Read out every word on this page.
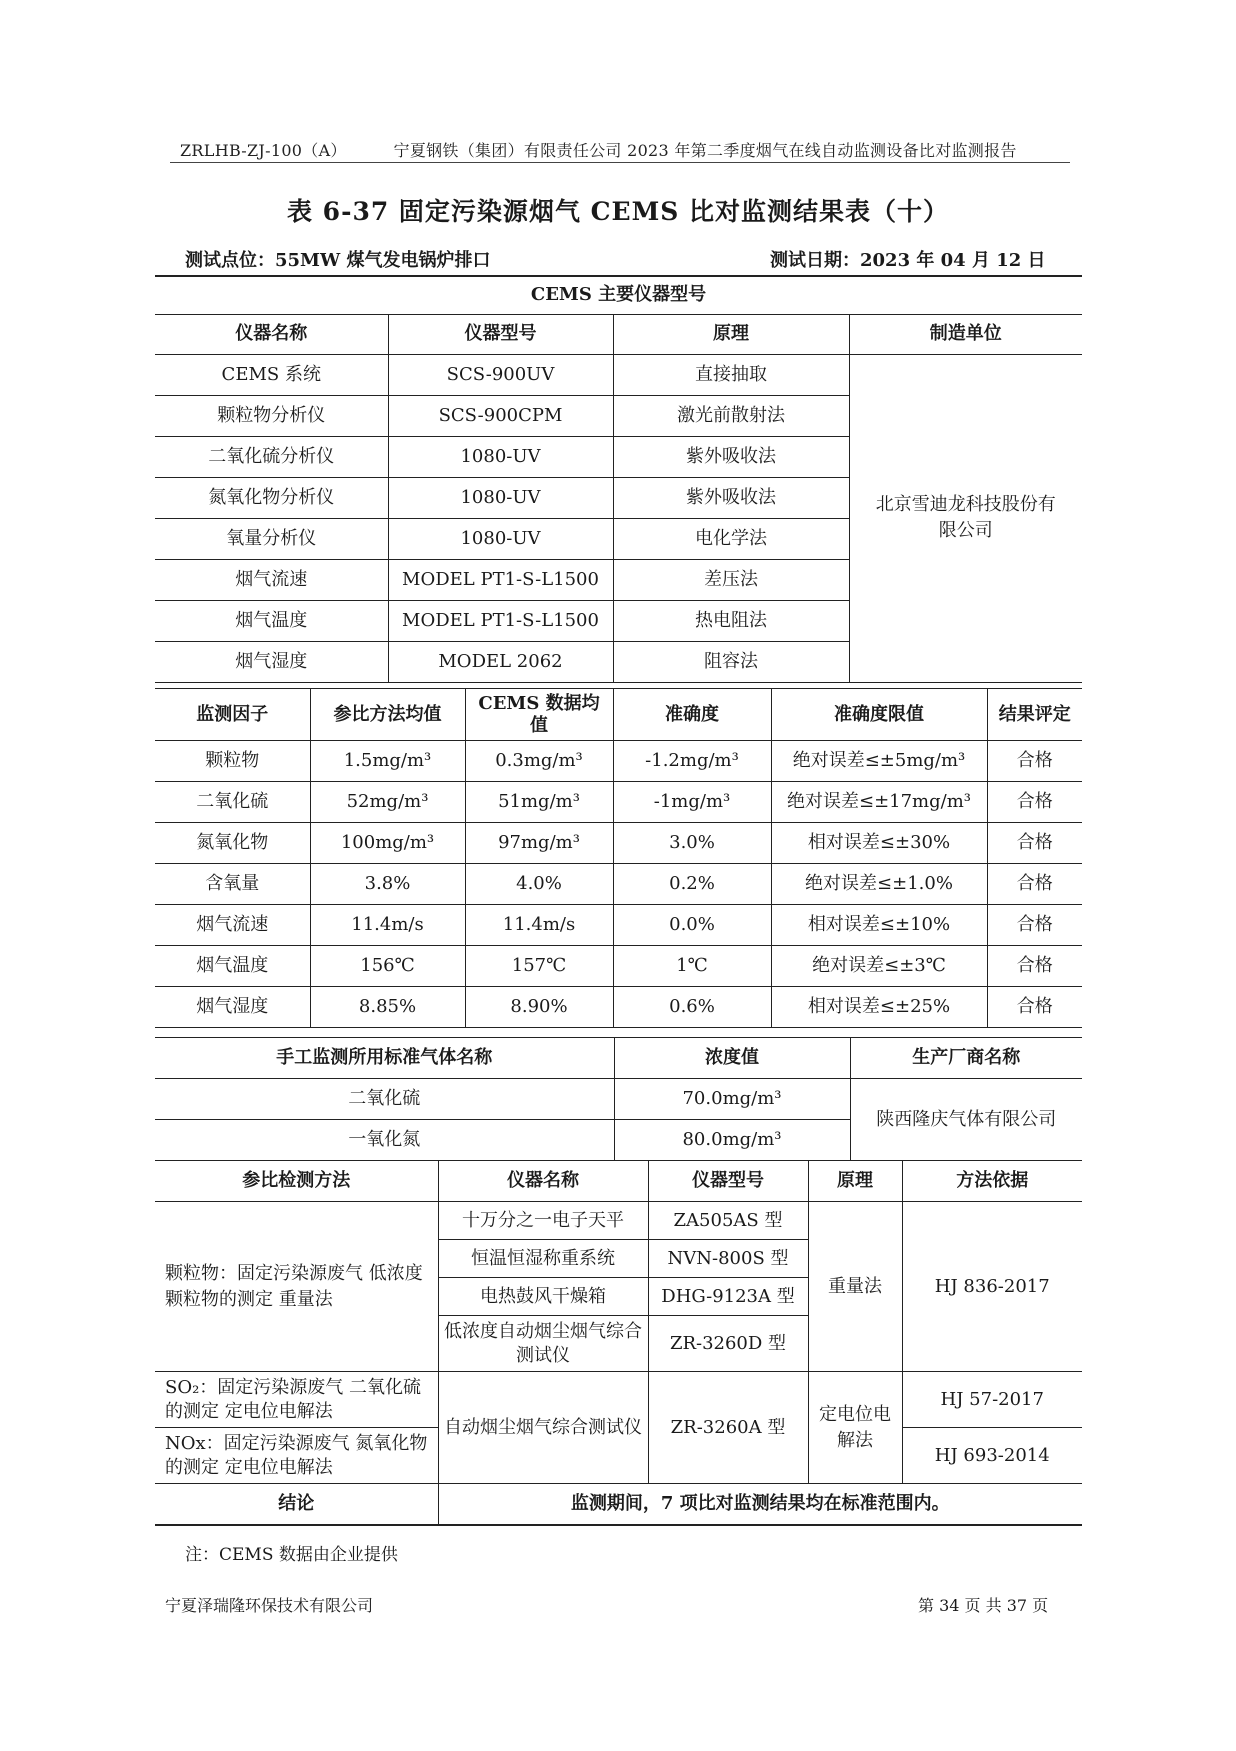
ZRLHB-ZJ-100（A）	宁夏钢铁（集团）有限责任公司 2023 年第二季度烟气在线自动监测设备比对监测报告
表 6-37 固定污染源烟气 CEMS 比对监测结果表（十）
测试点位：55MW 煤气发电锅炉排口	测试日期：2023 年 04 月 12 日
CEMS 主要仪器型号			
仪器名称	仪器型号	原理	制造单位
CEMS 系统	SCS-900UV	直接抽取	北京雪迪龙科技股份有限公司
颗粒物分析仪	SCS-900CPM	激光前散射法	
二氧化硫分析仪	1080-UV	紫外吸收法	
氮氧化物分析仪	1080-UV	紫外吸收法	
氧量分析仪	1080-UV	电化学法	
烟气流速	MODEL PT1-S-L1500	差压法	
烟气温度	MODEL PT1-S-L1500	热电阻法	
烟气湿度	MODEL 2062	阻容法	
监测因子	参比方法均值	CEMS 数据均值	准确度	准确度限值	结果评定
颗粒物	1.5mg/m³	0.3mg/m³	-1.2mg/m³	绝对误差≤±5mg/m³	合格
二氧化硫	52mg/m³	51mg/m³	-1mg/m³	绝对误差≤±17mg/m³	合格
氮氧化物	100mg/m³	97mg/m³	3.0%	相对误差≤±30%	合格
含氧量	3.8%	4.0%	0.2%	绝对误差≤±1.0%	合格
烟气流速	11.4m/s	11.4m/s	0.0%	相对误差≤±10%	合格
烟气温度	156℃	157℃	1℃	绝对误差≤±3℃	合格
烟气湿度	8.85%	8.90%	0.6%	相对误差≤±25%	合格
手工监测所用标准气体名称	浓度值	生产厂商名称
二氧化硫	70.0mg/m³	陕西隆庆气体有限公司
一氧化氮	80.0mg/m³	
参比检测方法	仪器名称	仪器型号	原理	方法依据
颗粒物：固定污染源废气 低浓度颗粒物的测定 重量法	十万分之一电子天平	ZA505AS 型	重量法	HJ 836-2017
	恒温恒湿称重系统	NVN-800S 型		
	电热鼓风干燥箱	DHG-9123A 型		
	低浓度自动烟尘烟气综合测试仪	ZR-3260D 型		
SO₂：固定污染源废气 二氧化硫的测定 定电位电解法	自动烟尘烟气综合测试仪	ZR-3260A 型	定电位电解法	HJ 57-2017
NOx：固定污染源废气 氮氧化物的测定 定电位电解法				HJ 693-2014
结论	监测期间，7 项比对监测结果均在标准范围内。			
注：CEMS 数据由企业提供
宁夏泽瑞隆环保技术有限公司	第 34 页 共 37 页
